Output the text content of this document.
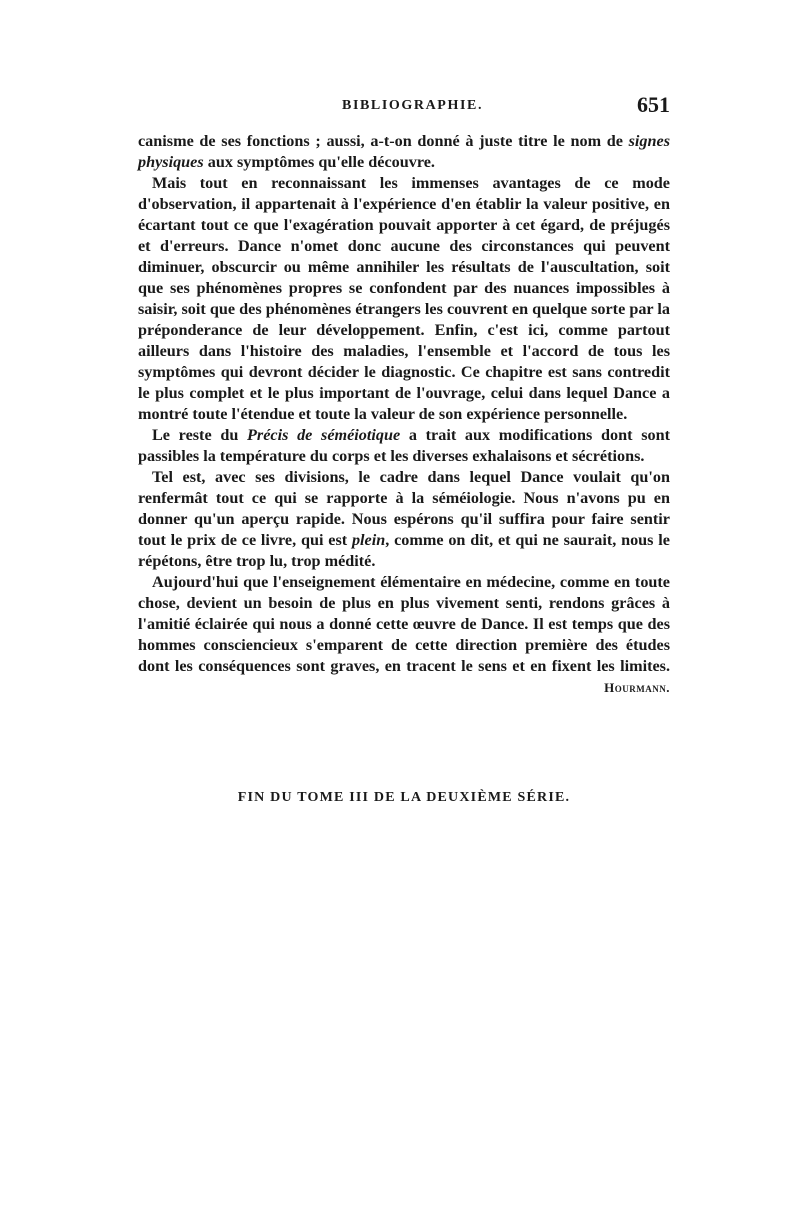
BIBLIOGRAPHIE.	651

canisme de ses fonctions ; aussi, a-t-on donné à juste titre le nom de signes physiques aux symptômes qu'elle découvre.

Mais tout en reconnaissant les immenses avantages de ce mode d'observation, il appartenait à l'expérience d'en établir la valeur positive, en écartant tout ce que l'exagération pouvait apporter à cet égard, de préjugés et d'erreurs. Dance n'omet donc aucune des circonstances qui peuvent diminuer, obscurcir ou même annihiler les résultats de l'auscultation, soit que ses phénomènes propres se confondent par des nuances impossibles à saisir, soit que des phénomènes étrangers les couvrent en quelque sorte par la préponderance de leur développement. Enfin, c'est ici, comme partout ailleurs dans l'histoire des maladies, l'ensemble et l'accord de tous les symptômes qui devront décider le diagnostic. Ce chapitre est sans contredit le plus complet et le plus important de l'ouvrage, celui dans lequel Dance a montré toute l'étendue et toute la valeur de son expérience personnelle.

Le reste du Précis de séméiotique a trait aux modifications dont sont passibles la température du corps et les diverses exhalaisons et sécrétions.

Tel est, avec ses divisions, le cadre dans lequel Dance voulait qu'on renfermât tout ce qui se rapporte à la séméiologie. Nous n'avons pu en donner qu'un aperçu rapide. Nous espérons qu'il suffira pour faire sentir tout le prix de ce livre, qui est plein, comme on dit, et qui ne saurait, nous le répétons, être trop lu, trop médité.

Aujourd'hui que l'enseignement élémentaire en médecine, comme en toute chose, devient un besoin de plus en plus vivement senti, rendons grâces à l'amitié éclairée qui nous a donné cette œuvre de Dance. Il est temps que des hommes consciencieux s'emparent de cette direction première des études dont les conséquences sont graves, en tracent le sens et en fixent les limites.
Hourmann.

FIN DU TOME III DE LA DEUXIÈME SÉRIE.
